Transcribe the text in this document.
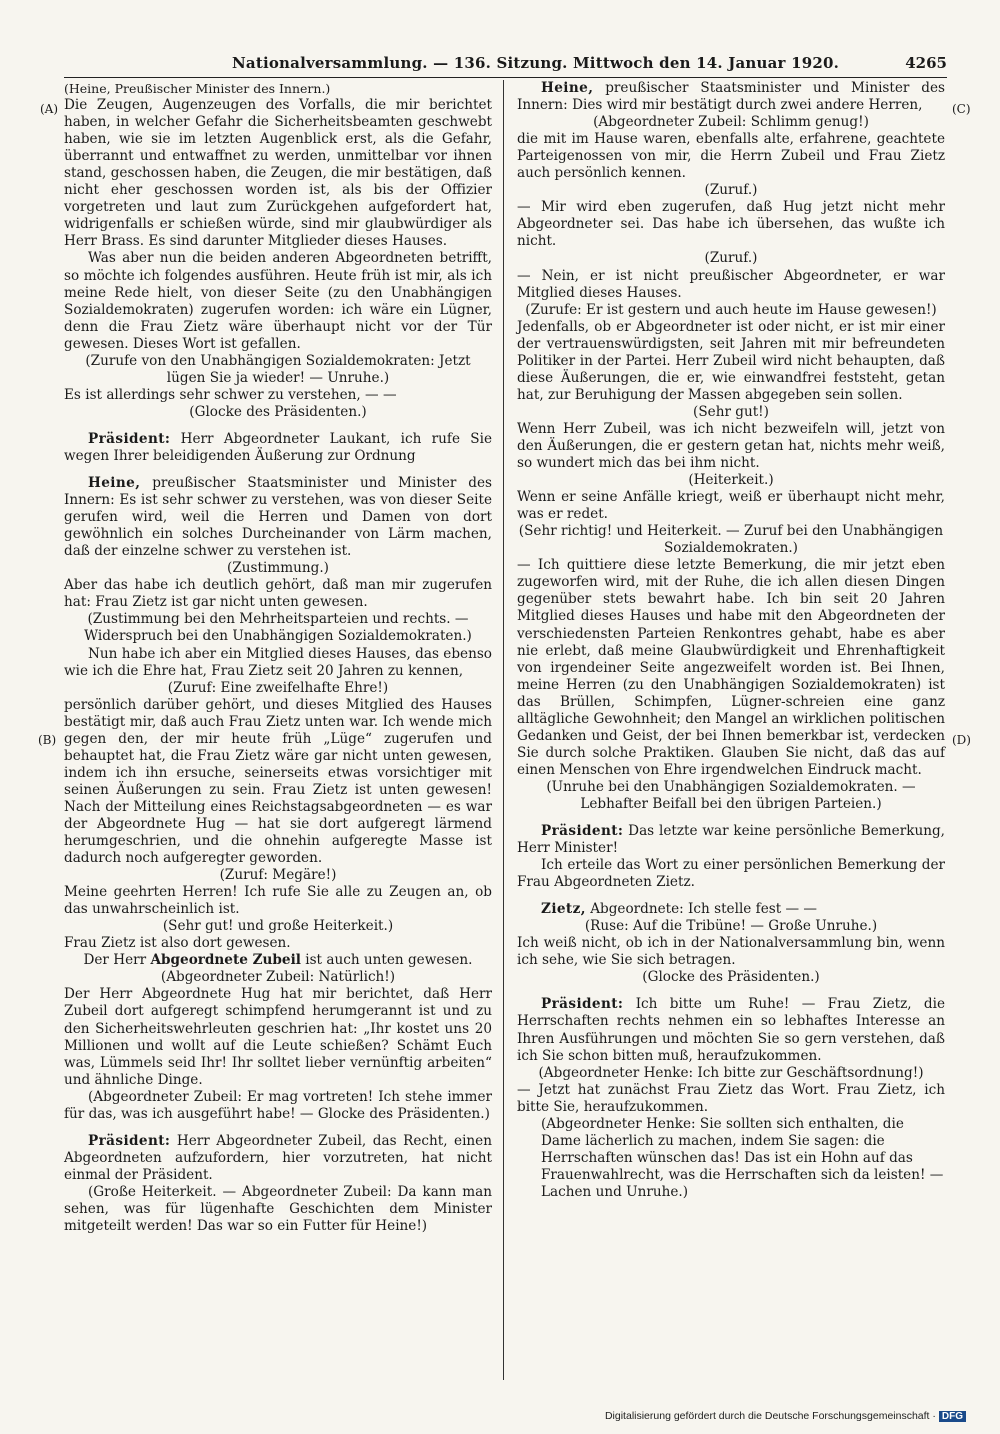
Nationalversammlung. — 136. Sitzung. Mittwoch den 14. Januar 1920.	4265
(A)
(B)
(C)
(D)

(Heine, Preußischer Minister des Innern.)

Die Zeugen, Augenzeugen des Vorfalls, die mir berichtet haben, in welcher Gefahr die Sicherheitsbeamten geschwebt haben, wie sie im letzten Augenblick erst, als die Gefahr, überrannt und entwaffnet zu werden, unmittelbar vor ihnen stand, geschossen haben, die Zeugen, die mir bestätigen, daß nicht eher geschossen worden ist, als bis der Offizier vorgetreten und laut zum Zurückgehen aufgefordert hat, widrigenfalls er schießen würde, sind mir glaubwürdiger als Herr Brass. Es sind darunter Mitglieder dieses Hauses.

Was aber nun die beiden anderen Abgeordneten betrifft, so möchte ich folgendes ausführen. Heute früh ist mir, als ich meine Rede hielt, von dieser Seite (zu den Unabhängigen Sozialdemokraten) zugerufen worden: ich wäre ein Lügner, denn die Frau Zietz wäre überhaupt nicht vor der Tür gewesen. Dieses Wort ist gefallen.

(Zurufe von den Unabhängigen Sozialdemokraten: Jetzt lügen Sie ja wieder! — Unruhe.)

Es ist allerdings sehr schwer zu verstehen, — —

(Glocke des Präsidenten.)

Präsident: Herr Abgeordneter Laukant, ich rufe Sie wegen Ihrer beleidigenden Äußerung zur Ordnung

Heine, preußischer Staatsminister und Minister des Innern: Es ist sehr schwer zu verstehen, was von dieser Seite gerufen wird, weil die Herren und Damen von dort gewöhnlich ein solches Durcheinander von Lärm machen, daß der einzelne schwer zu verstehen ist.

(Zustimmung.)

Aber das habe ich deutlich gehört, daß man mir zugerufen hat: Frau Zietz ist gar nicht unten gewesen.

(Zustimmung bei den Mehrheitsparteien und rechts. — Widerspruch bei den Unabhängigen Sozialdemokraten.)

Nun habe ich aber ein Mitglied dieses Hauses, das ebenso wie ich die Ehre hat, Frau Zietz seit 20 Jahren zu kennen,

(Zuruf: Eine zweifelhafte Ehre!)

persönlich darüber gehört, und dieses Mitglied des Hauses bestätigt mir, daß auch Frau Zietz unten war. Ich wende mich gegen den, der mir heute früh „Lüge“ zugerufen und behauptet hat, die Frau Zietz wäre gar nicht unten gewesen, indem ich ihn ersuche, seinerseits etwas vorsichtiger mit seinen Äußerungen zu sein. Frau Zietz ist unten gewesen! Nach der Mitteilung eines Reichstagsabgeordneten — es war der Abgeordnete Hug — hat sie dort aufgeregt lärmend herumgeschrien, und die ohnehin aufgeregte Masse ist dadurch noch aufgeregter geworden.

(Zuruf: Megäre!)

Meine geehrten Herren! Ich rufe Sie alle zu Zeugen an, ob das unwahrscheinlich ist.

(Sehr gut! und große Heiterkeit.)

Frau Zietz ist also dort gewesen.

Der Herr Abgeordnete Zubeil ist auch unten gewesen.

(Abgeordneter Zubeil: Natürlich!)

Der Herr Abgeordnete Hug hat mir berichtet, daß Herr Zubeil dort aufgeregt schimpfend herumgerannt ist und zu den Sicherheitswehrleuten geschrien hat: „Ihr kostet uns 20 Millionen und wollt auf die Leute schießen? Schämt Euch was, Lümmels seid Ihr! Ihr solltet lieber vernünftig arbeiten“ und ähnliche Dinge.

(Abgeordneter Zubeil: Er mag vortreten! Ich stehe immer für das, was ich ausgeführt habe! — Glocke des Präsidenten.)

Präsident: Herr Abgeordneter Zubeil, das Recht, einen Abgeordneten aufzufordern, hier vorzutreten, hat nicht einmal der Präsident.

(Große Heiterkeit. — Abgeordneter Zubeil: Da kann man sehen, was für lügenhafte Geschichten dem Minister mitgeteilt werden! Das war so ein Futter für Heine!)

Heine, preußischer Staatsminister und Minister des Innern: Dies wird mir bestätigt durch zwei andere Herren,

(Abgeordneter Zubeil: Schlimm genug!)

die mit im Hause waren, ebenfalls alte, erfahrene, geachtete Parteigenossen von mir, die Herrn Zubeil und Frau Zietz auch persönlich kennen.

(Zuruf.)

— Mir wird eben zugerufen, daß Hug jetzt nicht mehr Abgeordneter sei. Das habe ich übersehen, das wußte ich nicht.

(Zuruf.)

— Nein, er ist nicht preußischer Abgeordneter, er war Mitglied dieses Hauses.

(Zurufe: Er ist gestern und auch heute im Hause gewesen!)

Jedenfalls, ob er Abgeordneter ist oder nicht, er ist mir einer der vertrauenswürdigsten, seit Jahren mit mir befreundeten Politiker in der Partei. Herr Zubeil wird nicht behaupten, daß diese Äußerungen, die er, wie einwandfrei feststeht, getan hat, zur Beruhigung der Massen abgegeben sein sollen.

(Sehr gut!)

Wenn Herr Zubeil, was ich nicht bezweifeln will, jetzt von den Äußerungen, die er gestern getan hat, nichts mehr weiß, so wundert mich das bei ihm nicht.

(Heiterkeit.)

Wenn er seine Anfälle kriegt, weiß er überhaupt nicht mehr, was er redet.

(Sehr richtig! und Heiterkeit. — Zuruf bei den Unabhängigen Sozialdemokraten.)

— Ich quittiere diese letzte Bemerkung, die mir jetzt eben zugeworfen wird, mit der Ruhe, die ich allen diesen Dingen gegenüber stets bewahrt habe. Ich bin seit 20 Jahren Mitglied dieses Hauses und habe mit den Abgeordneten der verschiedensten Parteien Renkontres gehabt, habe es aber nie erlebt, daß meine Glaubwürdigkeit und Ehrenhaftigkeit von irgendeiner Seite angezweifelt worden ist. Bei Ihnen, meine Herren (zu den Unabhängigen Sozialdemokraten) ist das Brüllen, Schimpfen, Lügner-schreien eine ganz alltägliche Gewohnheit; den Mangel an wirklichen politischen Gedanken und Geist, der bei Ihnen bemerkbar ist, verdecken Sie durch solche Praktiken. Glauben Sie nicht, daß das auf einen Menschen von Ehre irgendwelchen Eindruck macht.

(Unruhe bei den Unabhängigen Sozialdemokraten. — Lebhafter Beifall bei den übrigen Parteien.)

Präsident: Das letzte war keine persönliche Bemerkung, Herr Minister!

Ich erteile das Wort zu einer persönlichen Bemerkung der Frau Abgeordneten Zietz.

Zietz, Abgeordnete: Ich stelle fest — —

(Ruse: Auf die Tribüne! — Große Unruhe.)

Ich weiß nicht, ob ich in der Nationalversammlung bin, wenn ich sehe, wie Sie sich betragen.

(Glocke des Präsidenten.)

Präsident: Ich bitte um Ruhe! — Frau Zietz, die Herrschaften rechts nehmen ein so lebhaftes Interesse an Ihren Ausführungen und möchten Sie so gern verstehen, daß ich Sie schon bitten muß, heraufzukommen.

(Abgeordneter Henke: Ich bitte zur Geschäftsordnung!)

— Jetzt hat zunächst Frau Zietz das Wort. Frau Zietz, ich bitte Sie, heraufzukommen.

(Abgeordneter Henke: Sie sollten sich enthalten, die Dame lächerlich zu machen, indem Sie sagen: die Herrschaften wünschen das! Das ist ein Hohn auf das Frauenwahlrecht, was die Herrschaften sich da leisten! — Lachen und Unruhe.)

Digitalisierung gefördert durch die Deutsche Forschungsgemeinschaft · DFG
